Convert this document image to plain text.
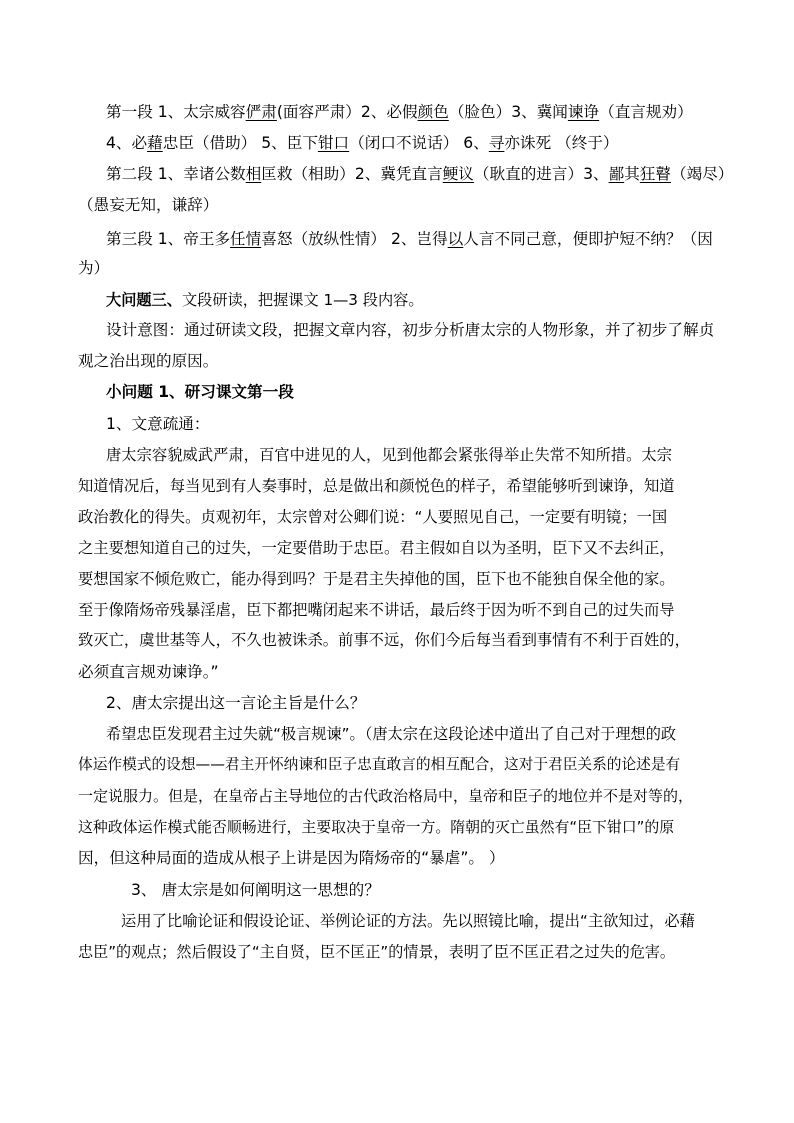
第一段 1、太宗威容俨肃(面容严肃）2、必假颜色（脸色）3、冀闻谏诤（直言规劝）
4、必藉忠臣（借助） 5、臣下钳口（闭口不说话） 6、寻亦诛死 （终于）
第二段 1、幸诸公数相匡救（相助）2、冀凭直言鲠议（耿直的进言）3、鄙其狂瞽（竭尽）
（愚妄无知，谦辞）
第三段 1、帝王多任情喜怒（放纵性情） 2、岂得以人言不同己意，便即护短不纳？（因
为）
大问题三、文段研读，把握课文 1—3 段内容。
设计意图：通过研读文段，把握文章内容，初步分析唐太宗的人物形象，并了初步了解贞
观之治出现的原因。
小问题 1、研习课文第一段
1、文意疏通：
唐太宗容貌威武严肃，百官中进见的人，见到他都会紧张得举止失常不知所措。太宗
知道情况后，每当见到有人奏事时，总是做出和颜悦色的样子，希望能够听到谏诤，知道
政治教化的得失。贞观初年，太宗曾对公卿们说：“人要照见自己，一定要有明镜；一国
之主要想知道自己的过失，一定要借助于忠臣。君主假如自以为圣明，臣下又不去纠正，
要想国家不倾危败亡，能办得到吗？于是君主失掉他的国，臣下也不能独自保全他的家。
至于像隋炀帝残暴淫虐，臣下都把嘴闭起来不讲话，最后终于因为听不到自己的过失而导
致灭亡，虞世基等人，不久也被诛杀。前事不远，你们今后每当看到事情有不利于百姓的，
必须直言规劝谏诤。”
2、唐太宗提出这一言论主旨是什么？
希望忠臣发现君主过失就“极言规谏”。（唐太宗在这段论述中道出了自己对于理想的政
体运作模式的设想——君主开怀纳谏和臣子忠直敢言的相互配合，这对于君臣关系的论述是有
一定说服力。但是，在皇帝占主导地位的古代政治格局中，皇帝和臣子的地位并不是对等的，
这种政体运作模式能否顺畅进行，主要取决于皇帝一方。隋朝的灭亡虽然有“臣下钳口”的原
因，但这种局面的造成从根子上讲是因为隋炀帝的“暴虐”。 ）
3、 唐太宗是如何阐明这一思想的？
运用了比喻论证和假设论证、举例论证的方法。先以照镜比喻，提出“主欲知过，必藉
忠臣”的观点；然后假设了“主自贤，臣不匡正”的情景，表明了臣不匡正君之过失的危害。
